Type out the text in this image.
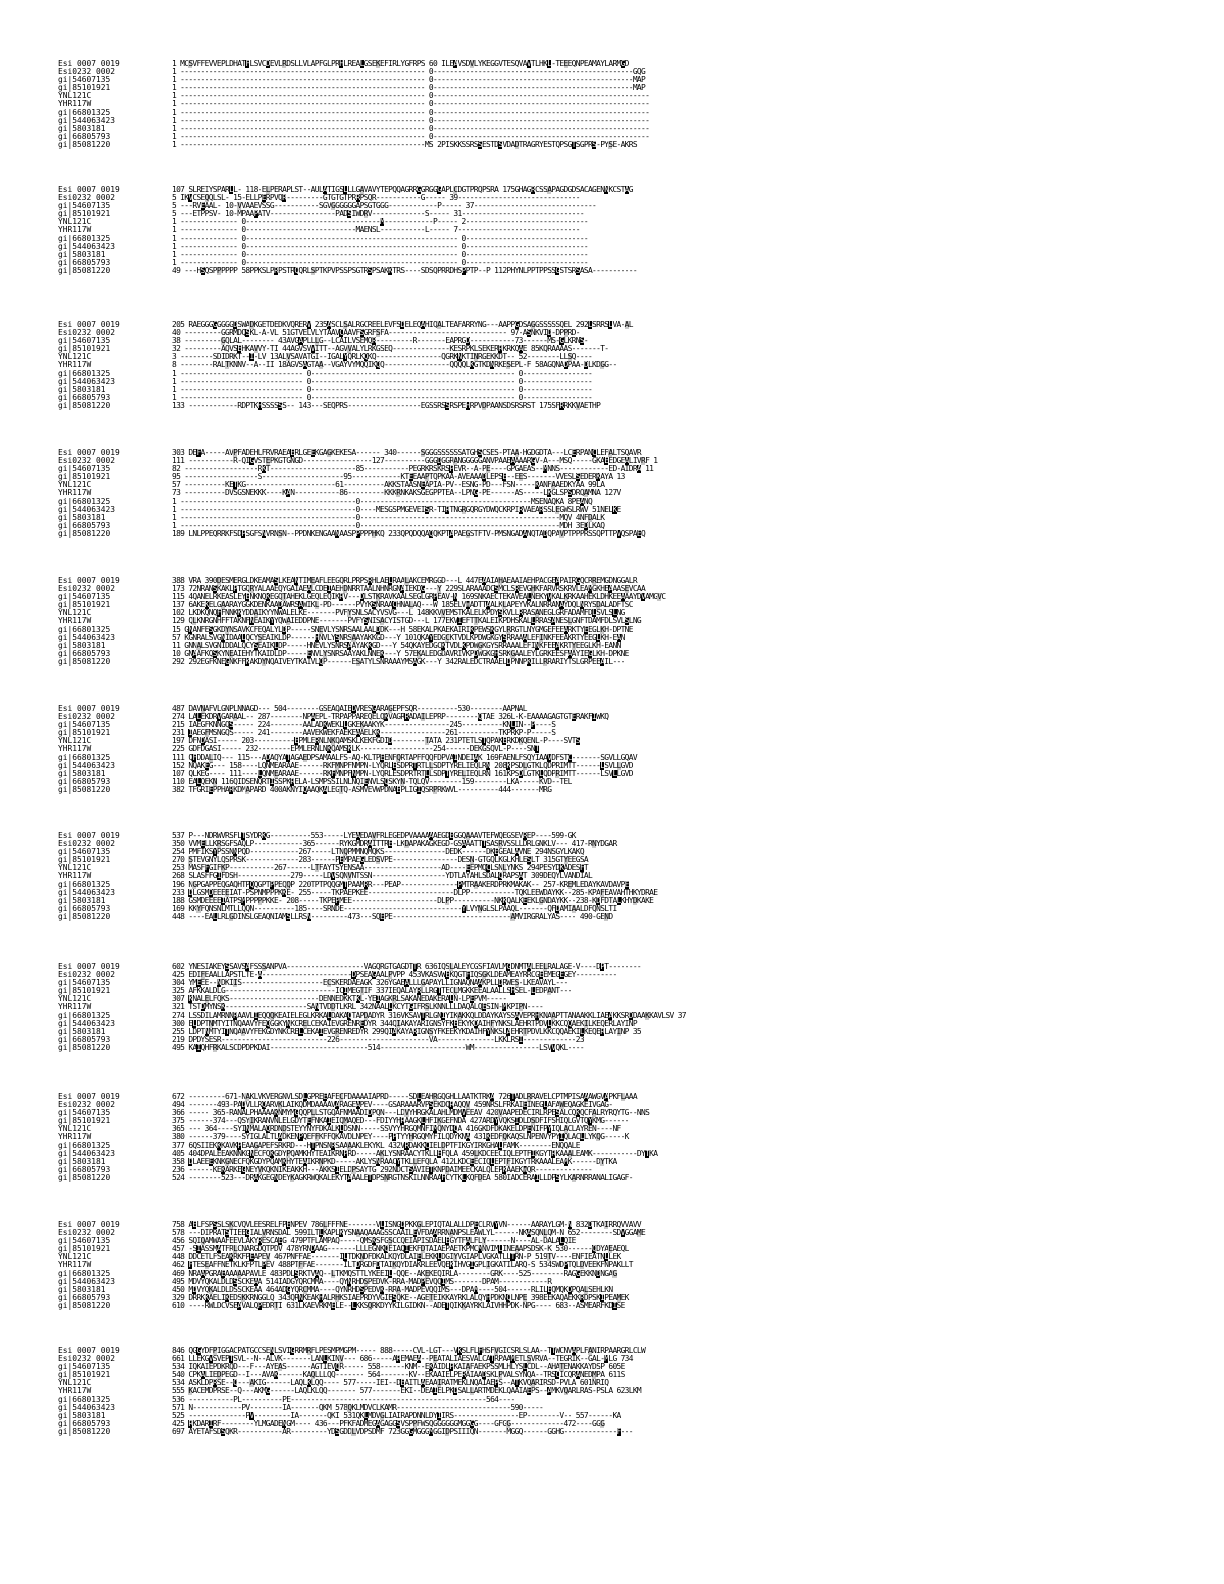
Esi 0007 0019	1 MCSVFFEVVEPLDHATFLSVCDEVLRDSLLVLAPFGLPRHLREALGSEKEFIRLYGFRPS 60 ILEAVSDVLYKEGGVTESQVAVTLHKL-TEEEQNPEAMAYLARMGD
Esi0232 0002	1 ------------------------------------------------------------ 0-------------------------------------------------GQG
gi|54607135	1 ------------------------------------------------------------ 0-------------------------------------------------MAP
gi|85101921	1 ------------------------------------------------------------ 0-------------------------------------------------MAP
YNL121C	1 ------------------------------------------------------------ 0-----------------------------------------------------
YHR117W	1 ------------------------------------------------------------ 0-----------------------------------------------------
gi|66801325	1 ------------------------------------------------------------ 0-----------------------------------------------------
gi|544063423	1 ------------------------------------------------------------ 0-----------------------------------------------------
gi|5803181	1 ------------------------------------------------------------ 0-----------------------------------------------------
gi|66805793	1 ------------------------------------------------------------ 0-----------------------------------------------------
gi|85081220	1 ------------------------------------------------------------MS 2PISKKSSRSSESTDSVDADTRAGRYESTQPSGTSGPRS-PYSE-AKRS
Esi 0007 0019	107 SLREIYSPARLL- 118-ELPERAPLST--AULATIGSLLLGAVAVYTEPQQAGRRGGRGGGAPLCDGTPRQPSRA 175GHAGRCSSAPAGDGDSACAGENNKCSTAG
Esi0232 0002	5 IKVCSEQQLSL- 15-ELLPERPVQR---------GTGTGTPRRPSQR-----------G----- 39------------------------------
gi|54607135	5 ---RVEAAL- 10-VVAAEVSSG-----------SGVGGGGGGAPSGTGGG------------P----- 37------------------------------
gi|85101921	5 ---ETPPSV- 10-MPAAPATV----------------PADSIWDRV-------------S----- 31------------------------------
YNL121C	1 -------------- 0---------------------------------M------------P----- 2------------------------------
YHR117W	1 -------------- 0---------------------------MAENSL-----------L----- 7------------------------------
gi|66801325	1 -------------- 0---------------------------------------------------- 0------------------------------
gi|544063423	1 -------------- 0---------------------------------------------------- 0------------------------------
gi|5803181	1 -------------- 0---------------------------------------------------- 0------------------------------
gi|66805793	1 -------------- 0---------------------------------------------------- 0------------------------------
gi|85081220	49 ---HSQSPPPPPP 58PPKSLPRPSTRQQRLSPTKPVPSSPSGTRSPSAKKTRS----SDSQPRRDHSPPTP--P 112PHYNLPPTPPSSGSTSRSASA-----------
Esi 0007 0019	205 RAEGGGGGGGGDSWADKGETDEDKVQRERV 235ASCLSALRGCREELEVFSDELEQAHIQALTEAFARRYNG---AAPPGDSAGGSSSSSQEL 292LSRRSLVA-AL
Esi0232 0002	40 ---------GGRMDQSKL-A-VL 51GTVELVLYTAAVCAAVFSGRFSFA----------------------------- 97-ASNKVID-DPPRD-
gi|54607135	38 ---------GQLAL-------- 43AVGAPLLLG--LCAILVSEMQR---------R-------EAPRGD-----------73------MS-GLKRNS-
gi|85101921	32 ---------AQVSEHKAVVY-TI 44AGVSVVITT--AGVVALYLRKGSEQ--------------KESRPKLSEKERRKRKQAE 85KQRAAAAS-------T-
YNL121C	3 --------SDIDRKT--I-LV 13ALVSAVATGI--IGALYQRLKQKQ----------------QGRKNKTINRGEKKDT-- 52--------LLSQ----
YHR117W	8 --------RALTKNNV--A--II 18AGVSAGTAA--VGAYVYMQQIKQQ----------------QQQQLKGTKDNRKESEPL-F 58AGQNADPAA-DLKDGG--
gi|66801325	1 ------------------------------ 0-------------------------------------------------- 0-----------------
gi|544063423	1 ------------------------------ 0-------------------------------------------------- 0-----------------
gi|5803181	1 ------------------------------ 0-------------------------------------------------- 0-----------------
gi|66805793	1 ------------------------------ 0-------------------------------------------------- 0-----------------
gi|85081220	133 ------------RDPTKHSSSSSS-- 143---SEQPRS------------------EGSSRSSRSPEHRPVDPAANSDSRSRST 175SFRRKKVAETHP
Esi 0007 0019	303 DEFA-----AVPFADEHLFRVRAEAERLGEEKGAGKEKESA------ 340------SGGGSSSSSSATGHSCSES-PTAA-HGDGDTA---LCERPANCLEFALTSQAVR
Esi0232 0002	111 -----------R-QIGVSTEPKGTGNGD-----------------127----------GGGDGGRANGGGGGANVPAAEAAAARGV-A---MSQ-----GKAEEDGEALIVRF 1
gi|54607135	82 ------------------RKT---------------------85-----------PEGRKRSKRSPEVR--A-PE----GPGAEAS--MNNS------------ED-AIDRA 11
gi|85101921	95 ------------------S--------------------95------------KTEEAAPTQPKAA-AVEAAADLEPSE--EES-------VVESLSEDERKAYA 13
YNL121C	57 ----------KETKG----------------------61----------AKKSTAASNEAPIA-PV--ESNG-PD---FSN-----KANFAAEDKYAA 99LA
YHR117W	73 ----------DVSGSNEKKK----KAN-----------86---------KKKRNKAKSGEGPPTEA--LPNG-PE------AS-----LKGLSPSDRQAMNA 127V
gi|66801325	1 -------------------------------------------0------------------------------------------MSENAQKA 8PEANQ
gi|544063423	1 -------------------------------------------0----MESGSPMGEVEISR-TIRTNGRGQRGYDWQCKRPIRVAEARSSLEGWSLRWV 51NELKE
gi|5803181	1 -------------------------------------------0-------------------------------------------------MQV 4NFDALK
gi|66805793	1 -------------------------------------------0-------------------------------------------------MDH 3EDLKAQ
gi|85081220	189 LNLPPEQRRKFSDPSGFSNVRNSN--PPDNKENGAANAASPPPPPHKQ 233QPQDQQAQQKPTAPAEGSTFTV-PMSNGADANQTADQPAVPTPPPRSSQPTTPVQSPAEQ
Esi 0007 0019	388 VRA 390DESMERGLDKEAMASLKEANTIMEAFLEEGQRLPRPSRHLAELRAALAKCEMRGGD---L 447EAAIAHAEAAIAEHPACGEAPAIRGQCRREMGDNGGALR
Esi0232 0002	173 72NRANSKAKLPTGQRYALAAEQYGAIAEALCDEIAEHDNRRTAALNHNRGNAIEKDG---Y 229SLARAAADCSMCLSREVGHKFARVRSKRVLEAMGKHEAAASEVCAA
gi|54607135	115 4QANELRKEASLEYENKNQKEGQTAHEKLGEQLEQIKRV---DLSTKRAVKAALSEGLGRPEAV-N 169SNKAECTEKAVEALNEKYVKALKRKAAHEKLDHKEEAAAYDVAMGVC
gi|85101921	137 6AKEKELGAARAYGGKDENKAADAWRSAWIKL-PD------PVYKSNRAACHNALAQ---W 185ELVWADTTAALKLAPEYVKALNRRANAYDQLNRYSDALADFTSC
YNL121C	102 LKDKQNQFFNNKKYDDAIKYYNWALELKE-------PVFYSNLSACYVSVG---L 148KKVVEMSTKALELKPDYSKVLLRRASANEGLGRFADAMFDLSVLSLNG
YHR117W	129 QLKNRGNHFFTAKNFNEAIKYYQWAIEDDPNE-------PVFYSNISACYISTGD---L 177EKVIEFTTKALEIKPDHSKALLRRASANESLGNFTDAMFDLSVLSLNG
gi|66801325	15 GNANFESGKDYNSAVKCFEQALYLDP-----SNEVLYSNRSAALAALDDK---H 58EKALPKAEKAIRIKPEWSKGYLRRGTLNYGMGEFEEARKTYEEGLKH-DPTNE
gi|544063423	57 KGNRALSVGNIDAALQCYSEAIKLDP------HNVLYSNRSAAYAKKGD---Y 101QKAYEDGCKTVDLKPDWGKGYSRRAAALEFINKFEEAKRTYEEGLKH-EAN
gi|5803181	11 GNNALSVGNIDDALQCYSEAIKLDP-----HNEVLYSNRSAAYAKKGD---Y 54QKAYEDGCKTVDLKPDWGKGYSRRAAALEFINKFEEAKRTYEEGLKH-EANN
gi|66805793	10 GNAAFKQSKYNEAIEHYTKAIDLDP-----ENVLYSNRSAAYAKLNNEK---Y 57EKALEDGDAVRIVKPDWGKGHSRKGAALEYLGRKEESFAAYIEGLKH-DPKNE
gi|85081220	292 292EGFKNEGNKFFKAKDYNQAIVEYTKAIVLQP------ESATYLSNRAAAYMSAGK---Y 342RALEDCTRAAELDPNNPKILLRRARIYTSLGRPEEAIL---
Esi 0007 0019	487 DAVNAFVLGNPLNNAGD--- 504--------GSEAQAIEDVRESGARAGEPFSQR----------530--------AAPNAL
Esi0232 0002	274 LALEKDRVGARAAL-- 287--------NPAEPL-TRPAPPAREQELQKVAGRRADAILEPRP--------QTAE 326L-K-EAAAAGAGTGTERAKFIWKQ
gi|54607135	215 IAEGFKNNGQS----- 224--------AALADKWEKLLGKEKAAKYK----------------245----------KNLIN--P----S
gi|85101921	231 IAEGFMSNGQS----- 241--------AAVEKWEKFAEKEAAELKK----------------261----------TKPRKP-P-----S
YNL121C	197 DFNDASI----- 203----------EPMLERNLNKQAMSKLKEKFGDID--------TATA 231PTETLSTQPAKERKDKQENL-P----SVTS
YHR117W	225 GDFDGASI----- 232--------EPMLERNLNKQAMSKLK------------------254------DEKGSQVL-P----SNT
gi|66801325	111 QFDDALIQ--- 115---ADAQYATAGAEDPSAMAALFS-AQ-KLTPEENFQRTAPFFQQFDPVAINDEIAK 169FAENLFSQYIAAVDFSTC-------SGVLLGQAV
gi|544063423	152 NQAKEG--- 158----LQNMEARAAE------RKFMNPFNMPN-LYQRLESDPRTRTLLSDPTYRELIEQLRN 208KPSDLGTKLQDPRIMTT------LSVLLGVD
gi|5803181	107 QLKEG---- 111----LQNMEARAAE------RKFMNPFNMPN-LYQRLESDPRTRTLLSDPTYRELIEQLRN 161KPSDLGTKLQDPRIMTT------LSVLLGVD
gi|66805793	110 EALQEKN 116QIDSENQRTISSPKRELA-LSMPSSILNLNQIENVLSQSKYN-TQLQV--------159--------LKA-----KVD--TEL
gi|85081220	382 TFGRIEPPHARKDMAPARD 400AKNYIQAAQKALEGTQ-ASMVEVWPDNAEPLIGIQSRPRKWVL----------444-------MRG
Esi 0007 0019	537 P---NDRWVRSFLTSYDRKG----------553-----LYEAEDAVFRLEGEDPVAAAAAAEGDEGGQAAAVTEFWQEGSEVREP----599-GK
Esi0232 0002	350 VVMELLKRSGFSAQLP------------365------RYKGMDRAITTRE-LKDAPAKAGKEGD-GSAAATTTSASRVSSLLDRLGNKLV--- 417-RNYDGAR
gi|54607135	254 PMFIKSYPSSNNPQD------------267-----LTNQPMMNQMQKS---------------DEDK------DKEGEALAVNE 294NSGYLKAKQ
gi|85101921	270 STEVGNYLQSPRSK-------------283------PEMPAEGLEDSVPE----------------DESN-GTGQLKGLKHLESLT 315GTYEEGSA
YNL121C	253 MASFFGIFKP-----------267------LTFAYTSYENSAA-------------------AD----EEPMQCLSNLYNKS 294PESYDKADESFT
YHR117W	268 SLASFFGIFDSH-------------279-----LDVSQNVNTSSN------------------YDTLAYAHLSDALQRAPSAT 309DEQYLVANDIAL
gi|66801325	196 NGPGAPPEQGAQHTPQQGPTPPEQQP 220TPTPQQGMTPAAMRR---PEAP--------------PMTRAAKERDPRKMAKAK-- 257-KREMLEDAYKAVDAVPE
gi|544063423	233 DLGSMDEEEEIAT-PSPNMPPPKKE- 255-----TKPAEPKEE---------------------DLPP-----------TQKLEEWDAYKK--285-KPAFEAVAHTHKYDRAE
gi|5803181	188 GSMDEEEEIATPSMPPPPPKKE- 208-----TKPEPMEE---------------------DLPP----------NKKQALKEEKLGNDAYKK--238-KDFDTALKHYDKAKE
gi|66805793	169 KKYFQNSNLMTLLQQN----------185----SRNDE-----------------------------YLVYNGLSLPAAQL-------QFDAMIAALDFQNSLTI
gi|85081220	448 ----EALLRLGDINSLGEAQNIAMSLLRSN---------473---SQEPE-----------------------------AMVIRGRALYAS---- 490-GEND
Esi 0007 0019	602 YNESIAKEYSSAVSAFSSSANPVA-------------------VAGQRGTGAGDTTR 636IQSLALEYCGSFIAVLMGDNMTALEELRALAGE-V----DPT--------
Esi0232 0002	425 EDIFEAALLAPSTLTE-A----------------------DPSEAGAALPVPP 453VKASVWEKQGTFIQSGKLDEAMEAYRRCGEEMEGEGEY----------
gi|54607135	304 YMEEE--NDKIIS--------------------ECSKERDAEAGK 326YGAEALLLGAPAYLLIGNAQNAAKPLLDRWES-LKEAVAYL---
gi|85101921	325 AFKKALDLG---------------------------ICIMEGTIF 337IEQALAYRLLRGTTECLMGKKEEALAALLSHSEL-LEDPANT---
YNL121C	307 KNALELFQKS----------------------DENNEDKKTKL-YEIAGKRLSAKANEDAKERALN-LPEPVM-----
YHR117W	321 TSTDMYNSK--------------------SANTVDDTLKRL 342NAALLKCYTGIFRSLKNNLLLDAQALQESIN-MKPIPN----
gi|66801325	274 LSSDILAMRNNRAAVLIEQQQKEAIELEGLKRKALDAKAQTAPDADYR 316VKSAVTRLGNIYIKAKKQLDDAYKAYSSAVEPRHKNAAPTTANAAKKLIAEAKKSRDDAAKKAVLSV 37
gi|544063423	300 ELDPTNMTYITNQAAVYFEQGGKYNKCRELCEKAIEVGRENREDYR 344QIAKAYARIGNSYFKEEKYKDAIHFYNKSLAEHRTPDVLKKCQQAEKILKEQERLAYINP
gi|5803181	255 LDPTNMTYITNQAAVYFEKGDYNKCRELCEKAIEVGRENREDYR 299QIAKAYARIGNSYFKEEKYKDAIHFYNKSLAEHRTPDVLKKCQQAEKILKEQERLAYINP 35
gi|66805793	219 DPDYSESR--------------------------226----------------------VA--------------LKKLRSI-------------23
gi|85081220	495 KAIQHFRKALSCDPDPKDAI------------------------514---------------------WM----------------LSVVQKL----
Esi 0007 0019	672 ---------671-NAKLVKVERGNVLSDLGPREEAFECFDAAAAIAPRD-----SDLEAHRGQGHLLAATKTRKA 726TADLRRAVELCPTMPISAAAWGVAPKFLAAA
Esi0232 0002	494 -------493-PADVLLRQARVKLAIKQDMDAAAAVARAGEAPEV----GSARAAARVPSEKDQRAQQV 459NRSLFRKAIEINEGLAFAWEQAGKEIVGAG-
gi|54607135	366 ----- 365-RANALPHAAAAKNMYMGQQPLLSTGQAFNMAADIDPQN---LDVYHRGKALAHLMDMVEEAV 420VAAPEDECIRLRPESALCQKQCFALRYRQYTG--NNS
gi|85101921	375 ------374---QSYIKRANVNLELGDYTEFNKAIEIQMAQED---FDIYYHRAAGKLHFIKGEFNDA 427ARDYVQKSIDLDSDFIFSHIQLGVTQYKMG------
YNL121C	365 --- 364----SYINMALAQRDNDSTEYYNYFDKALKLDSNN-----SSVYYHRGQMNFIMQNYDQA 416GKDFDKAKELDPENIFPYIQLACLAYREN----NF
YHR117W	380 ------379----SYIGLALTLADKENPQEFFKFFQKAVDLNPEY----PPTYYHRGQMYFILQDYKNA 431KEDFQKAQSLNPENVYPYIQLACLLYKQG-----K
gi|66801325	377 6QSIIEKKKAVKPEAAGAPEFSRKRD---HTPNSNRSAAAAKLEKYKL 432VRDAKKCIELDPTFIKGYIRKGHALFAMK--------ENQQALE
gi|544063423	405 404DPALEEAKNNKGNECFQKGDYPQAMKHYTEAIKRNPRD-----AKLYSNRAACYTKLLEFQLA 459LKDCEECIQLEPTFIKGYTRKAAALEAMK-----------DYTKA
gi|5803181	358 DLAEEEKNKGNECFQKGDYPQAMKHYTEAIKRNPKD-----AKLYSNRAACYTKLLEFQLA 412LKDCEECIQLEPTFIKGYTRKAAALEAMK------DYTKA
gi|66805793	236 ------KEKARKEGNEYVKQKNIKEAKKH---AKKSIELDPSAYTG 292NDCTSAVIETKNPDAIMEECKALQLEPKAAEKWQR--------------
gi|85081220	524 --------523---DRAKGEGNDEYKAGKRWQKALEKYTAAALETDPSNRGTNSKILNNRAAFCYTKLKQFDEA 580IADCERAILLDPSYLKARNRRANALIGAGF-
Esi 0007 0019	758 AELFSPSSLSKCVQVLEESRELFPENPEV 786LFFFNE-------VLISNGDPKKGLEPIQTALALLDPECLRVYVN------AARAYLGM-N 832DTKAIRRQVVAVV
Esi0232 0002	578 ---DIPRATSTIEEGIALVRNSDAL 599ILTLKAPLKYSNAAQAAAGSSCAAILEVFDAARRNANPSLEAWLYL------NKASQNLQM-N 652--------SDVGGAME
gi|54607135	456 SQIQAMWAAFEEVLAKYRESCAEG 479PTFLAMPAQ-----QMSKSFGSCCQEIAPISDAELEGYTFALFLY------N----AL-DALALQIE
gi|85101921	457 -SIASSMATFRLCNARGDQTPDV 478YRNDAAG-------LLLEGNKQEIAQIEKFDTAIAEPAETKPMCMNVIMLINEAAPSDSK-K 530------QDYAEAEQL
YNL121C	448 DDCETLFSEAKRKFPEAPEV 467PNFFAE-------ILTDKNDFDKALKQYDLAIELEKKLDGIYVGIAPLVGKATLLTRN-P 519TV----ENFIEATNLLEK
YHR117W	462 FTESEAFFNETKLKFPTLPEV 488PTFFAE-------ILTDRGDFDTAIKQYDIAKRLEEVQEKIHVGIGPLIGKATILARQ-S 534SWDPTQLDVEEKFNPAKLLT
gi|66801325	469 NRAAPGRAEAAAAAPAVLE 483PDLSRKTVAQ--LTKMQSTTLYKEEIL-QQE--AKEKEQIRLA--------GRK----525--------RAGGEKKNDNGAG
gi|544063423	495 MDVYQKALDLDSSCKEAA 514IADGYQRCMMA----QYNRHDSPEDVK-RRA-MADPEVQQIMS-------DPAM------------R
gi|5803181	450 MDVYQKALDLDSSCKEAA 464ADGYQRCMMA----QYNRHDSPEDVK-RRA-MADPEVQQIMS---DPAM----504------RLILEQMQKDPQALSEHLKN
gi|66805793	329 DRRKKAELIKEDSKKRNGGLQ 343QRNKEAKHALRHKSIAEPRDYVGIESQKE--AGETEIKKAYRKLALQYHPDKNQLNPE 398EEKAQAEKKRDPSKIPEAMEK
gi|85081220	610 ----RWLDCVSEAVALQPEDRTI 631LKAEVRKMELE--LKKSQRKDYYKILGIDKN--ADETQIKKAYRKLAIVHHPDK-NPG---- 683--ASMEARFKDISE
Esi 0007 0019	846 QGGYDFPIGGACPATGCCSENLSVIGRRMRFLPESMPMGPM----- 888-----CVL-LGT---VKSLFLFHSFVGICSRLSLAA--TTWCNVAPLFANIRPAARGRLCLW
Esi0232 0002	661 LLEKGVSVEPTSVL--N--ALVK-------LANLKINV--- 686-----AREMAEA--PEATALIAESVALCATRPAAMETLSVRVA--TEGRIK--GAL-MLG 734
gi|54607135	534 IQKAIEPDKRQD---F---AYEAS------AGTIEVQR----- 558------KNM--EKAIDLPKAIAFAEKPSSMLHLYSLCDL--AHATENAKKAYDSP 605E
gi|85101921	540 CPKALIEDPEGD--I---AVAK------KAQLLLQQ------- 564-------KV--EKAAIELPERAIAADSKLPVALSYNQA--TRSCICQRANEDMPA 611S
YNL121C	534 ASKLDPRSE--Q---AKIG------LAQLKLQQ---- 577-----IEI--DEAITLAEAAIRATMEKLNQAIAEPS--ATKVQARIRSD-PVLA 601NRIQ
YHR117W	555 KACEMDPRSE--Q---AKMG------LAQLKLQQ------- 577-------EKI--DEAIELPKDSALLARTMDEKLQAAIAEPS--AMKVQARLRAS-PSLA 623LKM
gi|66801325	536 -----------PL----------PE------------------------------------------------564----
gi|544063423	571 N------------PV--------IA-------QKM 578QKLMDVCLKAMR----------------------------590-----
gi|5803181	525 --------------PV---------IA-------QKI 531QKLMDVGLIAIRAPDNNLDYIIRS----------------EP--------V-- 557------KA
gi|66805793	425 RKDARIRF--------YLMGADENGM---- 436---PFKFADMEGAGAGGSVSPPFWSQGGGGGGMGGGG----GFGG-------------472----GGG
gi|85081220	697 AYETAFSDSQKR-----------AR---------YDSGDDLVDPSDMF 723GGGMGGGMGGIDPSIIIQN-------MGGQ------GGHG-------------F---
